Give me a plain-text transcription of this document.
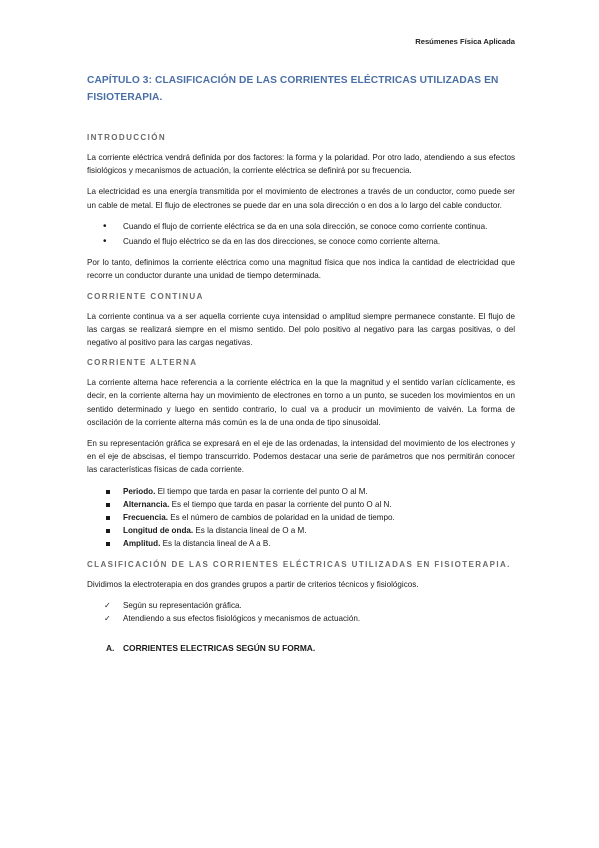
Resúmenes Física Aplicada
CAPÍTULO 3: CLASIFICACIÓN DE LAS CORRIENTES ELÉCTRICAS UTILIZADAS EN FISIOTERAPIA.
INTRODUCCIÓN

La corriente eléctrica vendrá definida por dos factores: la forma y la polaridad. Por otro lado, atendiendo a sus efectos fisiológicos y mecanismos de actuación, la corriente eléctrica se definirá por su frecuencia.

La electricidad es una energía transmitida por el movimiento de electrones a través de un conductor, como puede ser un cable de metal. El flujo de electrones se puede dar en una sola dirección o en dos a lo largo del cable conductor.

• Cuando el flujo de corriente eléctrica se da en una sola dirección, se conoce como corriente continua.
• Cuando el flujo eléctrico se da en las dos direcciones, se conoce como corriente alterna.

Por lo tanto, definimos la corriente eléctrica como una magnitud física que nos indica la cantidad de electricidad que recorre un conductor durante una unidad de tiempo determinada.

CORRIENTE CONTINUA

La corriente continua va a ser aquella corriente cuya intensidad o amplitud siempre permanece constante. El flujo de las cargas se realizará siempre en el mismo sentido. Del polo positivo al negativo para las cargas positivas, o del negativo al positivo para las cargas negativas.

CORRIENTE ALTERNA

La corriente alterna hace referencia a la corriente eléctrica en la que la magnitud y el sentido varían cíclicamente, es decir, en la corriente alterna hay un movimiento de electrones en torno a un punto, se suceden los movimientos en un sentido determinado y luego en sentido contrario, lo cual va a producir un movimiento de vaivén. La forma de oscilación de la corriente alterna más común es la de una onda de tipo sinusoidal.

En su representación gráfica se expresará en el eje de las ordenadas, la intensidad del movimiento de los electrones y en el eje de abscisas, el tiempo transcurrido. Podemos destacar una serie de parámetros que nos permitirán conocer las características físicas de cada corriente.

Periodo. El tiempo que tarda en pasar la corriente del punto O al M.
Alternancia. Es el tiempo que tarda en pasar la corriente del punto O al N.
Frecuencia. Es el número de cambios de polaridad en la unidad de tiempo.
Longitud de onda. Es la distancia lineal de O a M.
Amplitud. Es la distancia lineal de A a B.
CLASIFICACIÓN DE LAS CORRIENTES ELÉCTRICAS UTILIZADAS EN FISIOTERAPIA.

Dividimos la electroterapia en dos grandes grupos a partir de criterios técnicos y fisiológicos.

✓ Según su representación gráfica.
✓ Atendiendo a sus efectos fisiológicos y mecanismos de actuación.
A. CORRIENTES ELECTRICAS SEGÚN SU FORMA.
